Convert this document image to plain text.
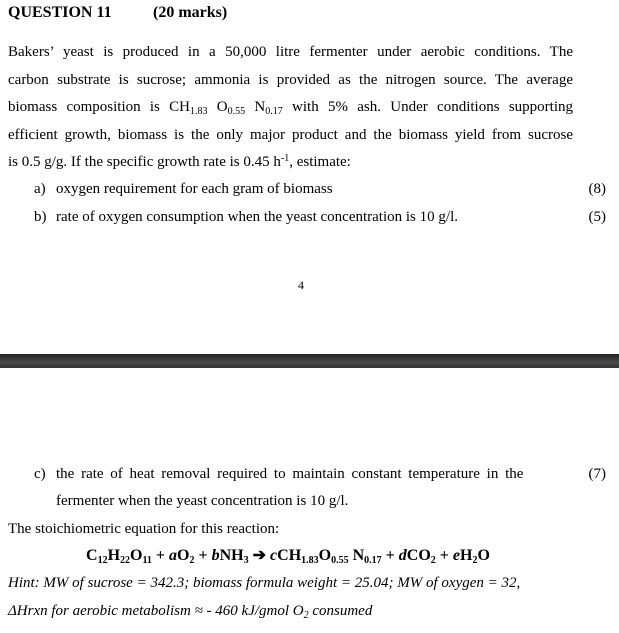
QUESTION 11	(20 marks)
Bakers’ yeast is produced in a 50,000 litre fermenter under aerobic conditions. The
carbon substrate is sucrose; ammonia is provided as the nitrogen source. The average
biomass composition is $CH_{1.83}$ $O_{0.55}$ $N_{0.17}$ with 5% ash. Under conditions supporting
efficient growth, biomass is the only major product and the biomass yield from sucrose
is 0.5 g/g. If the specific growth rate is 0.45 $h^{-1}$, estimate:
a) oxygen requirement for each gram of biomass	(8)
b) rate of oxygen consumption when the yeast concentration is 10 g/l.	(5)
4
c) the rate of heat removal required to maintain constant temperature in the	(7)
fermenter when the yeast concentration is 10 g/l.
The stoichiometric equation for this reaction:
$C_{12}H_{22}O_{11} + aO_2 + bNH_3$ ➔ $cCH_{1.83}O_{0.55}$ $N_{0.17} + dCO_2 + eH_2O$
Hint: MW of sucrose = 342.3; biomass formula weight = 25.04; MW of oxygen = 32,
ΔHrxn for aerobic metabolism ≈ - 460 kJ/gmol $O_2$ consumed
